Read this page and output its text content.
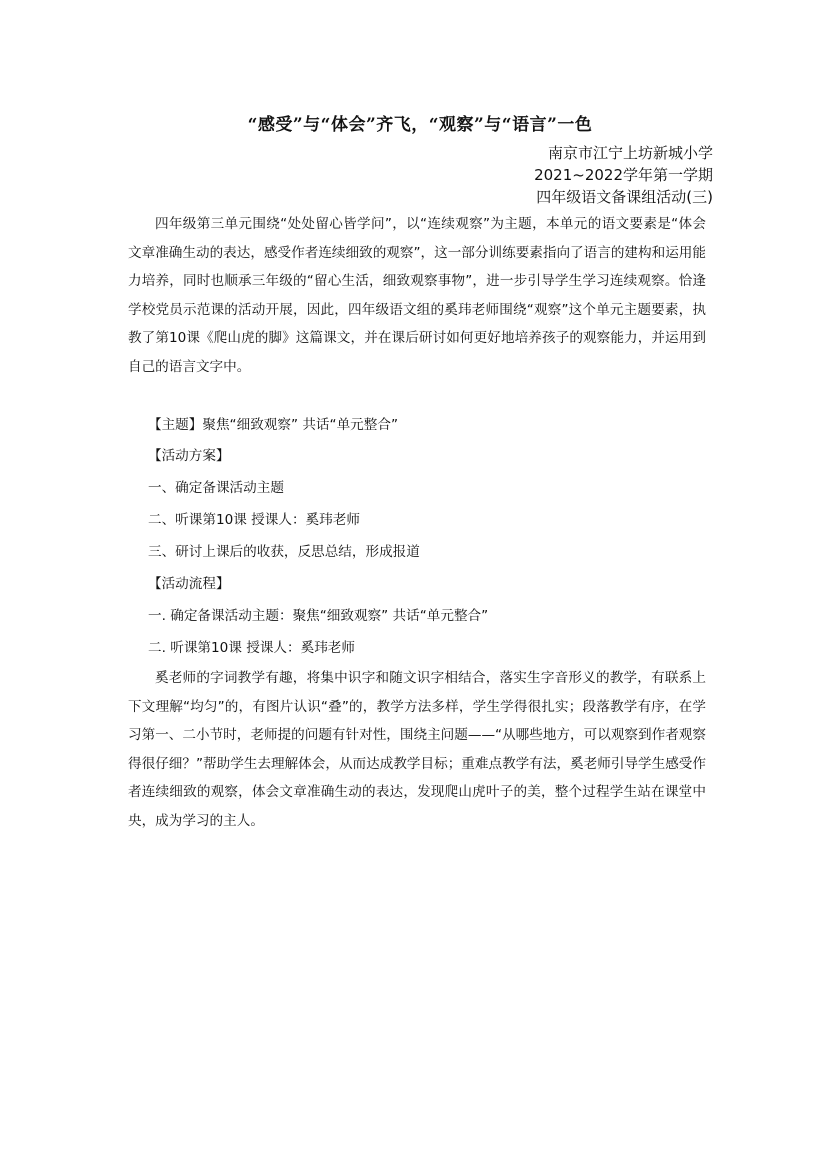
“感受”与“体会”齐飞，“观察”与“语言”一色
南京市江宁上坊新城小学
2021~2022学年第一学期
四年级语文备课组活动(三)

四年级第三单元围绕“处处留心皆学问”，以“连续观察”为主题，本单元的语文要素是“体会文章准确生动的表达，感受作者连续细致的观察”，这一部分训练要素指向了语言的建构和运用能力培养，同时也顺承三年级的“留心生活，细致观察事物”，进一步引导学生学习连续观察。恰逢学校党员示范课的活动开展，因此，四年级语文组的奚玮老师围绕“观察”这个单元主题要素，执教了第10课《爬山虎的脚》这篇课文，并在课后研讨如何更好地培养孩子的观察能力，并运用到自己的语言文字中。

【主题】聚焦“细致观察” 共话“单元整合”
【活动方案】
一、确定备课活动主题
二、听课第10课 授课人：奚玮老师
三、研讨上课后的收获，反思总结，形成报道
【活动流程】
一. 确定备课活动主题：聚焦“细致观察” 共话“单元整合”
二. 听课第10课 授课人：奚玮老师

奚老师的字词教学有趣，将集中识字和随文识字相结合，落实生字音形义的教学，有联系上下文理解“均匀”的，有图片认识“叠”的，教学方法多样，学生学得很扎实；段落教学有序，在学习第一、二小节时，老师提的问题有针对性，围绕主问题——“从哪些地方，可以观察到作者观察得很仔细？”帮助学生去理解体会，从而达成教学目标；重难点教学有法，奚老师引导学生感受作者连续细致的观察，体会文章准确生动的表达，发现爬山虎叶子的美，整个过程学生站在课堂中央，成为学习的主人。
